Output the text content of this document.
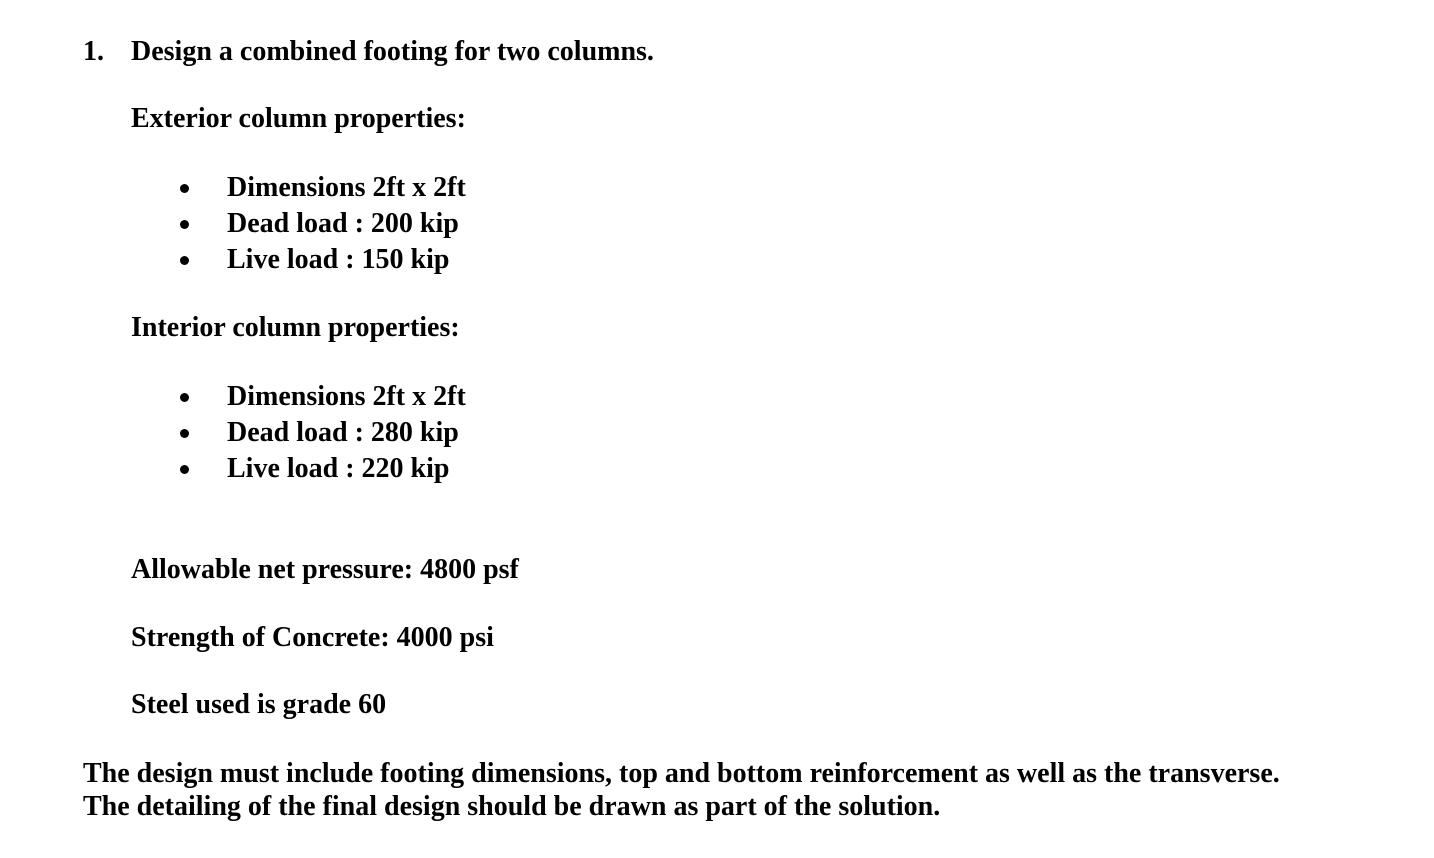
1. Design a combined footing for two columns.
Exterior column properties:
Dimensions 2ft x 2ft
Dead load : 200 kip
Live load : 150 kip
Interior column properties:
Dimensions 2ft x 2ft
Dead load : 280 kip
Live load : 220 kip
Allowable net pressure: 4800 psf
Strength of Concrete: 4000 psi
Steel used is grade 60
The design must include footing dimensions, top and bottom reinforcement as well as the transverse. The detailing of the final design should be drawn as part of the solution.
